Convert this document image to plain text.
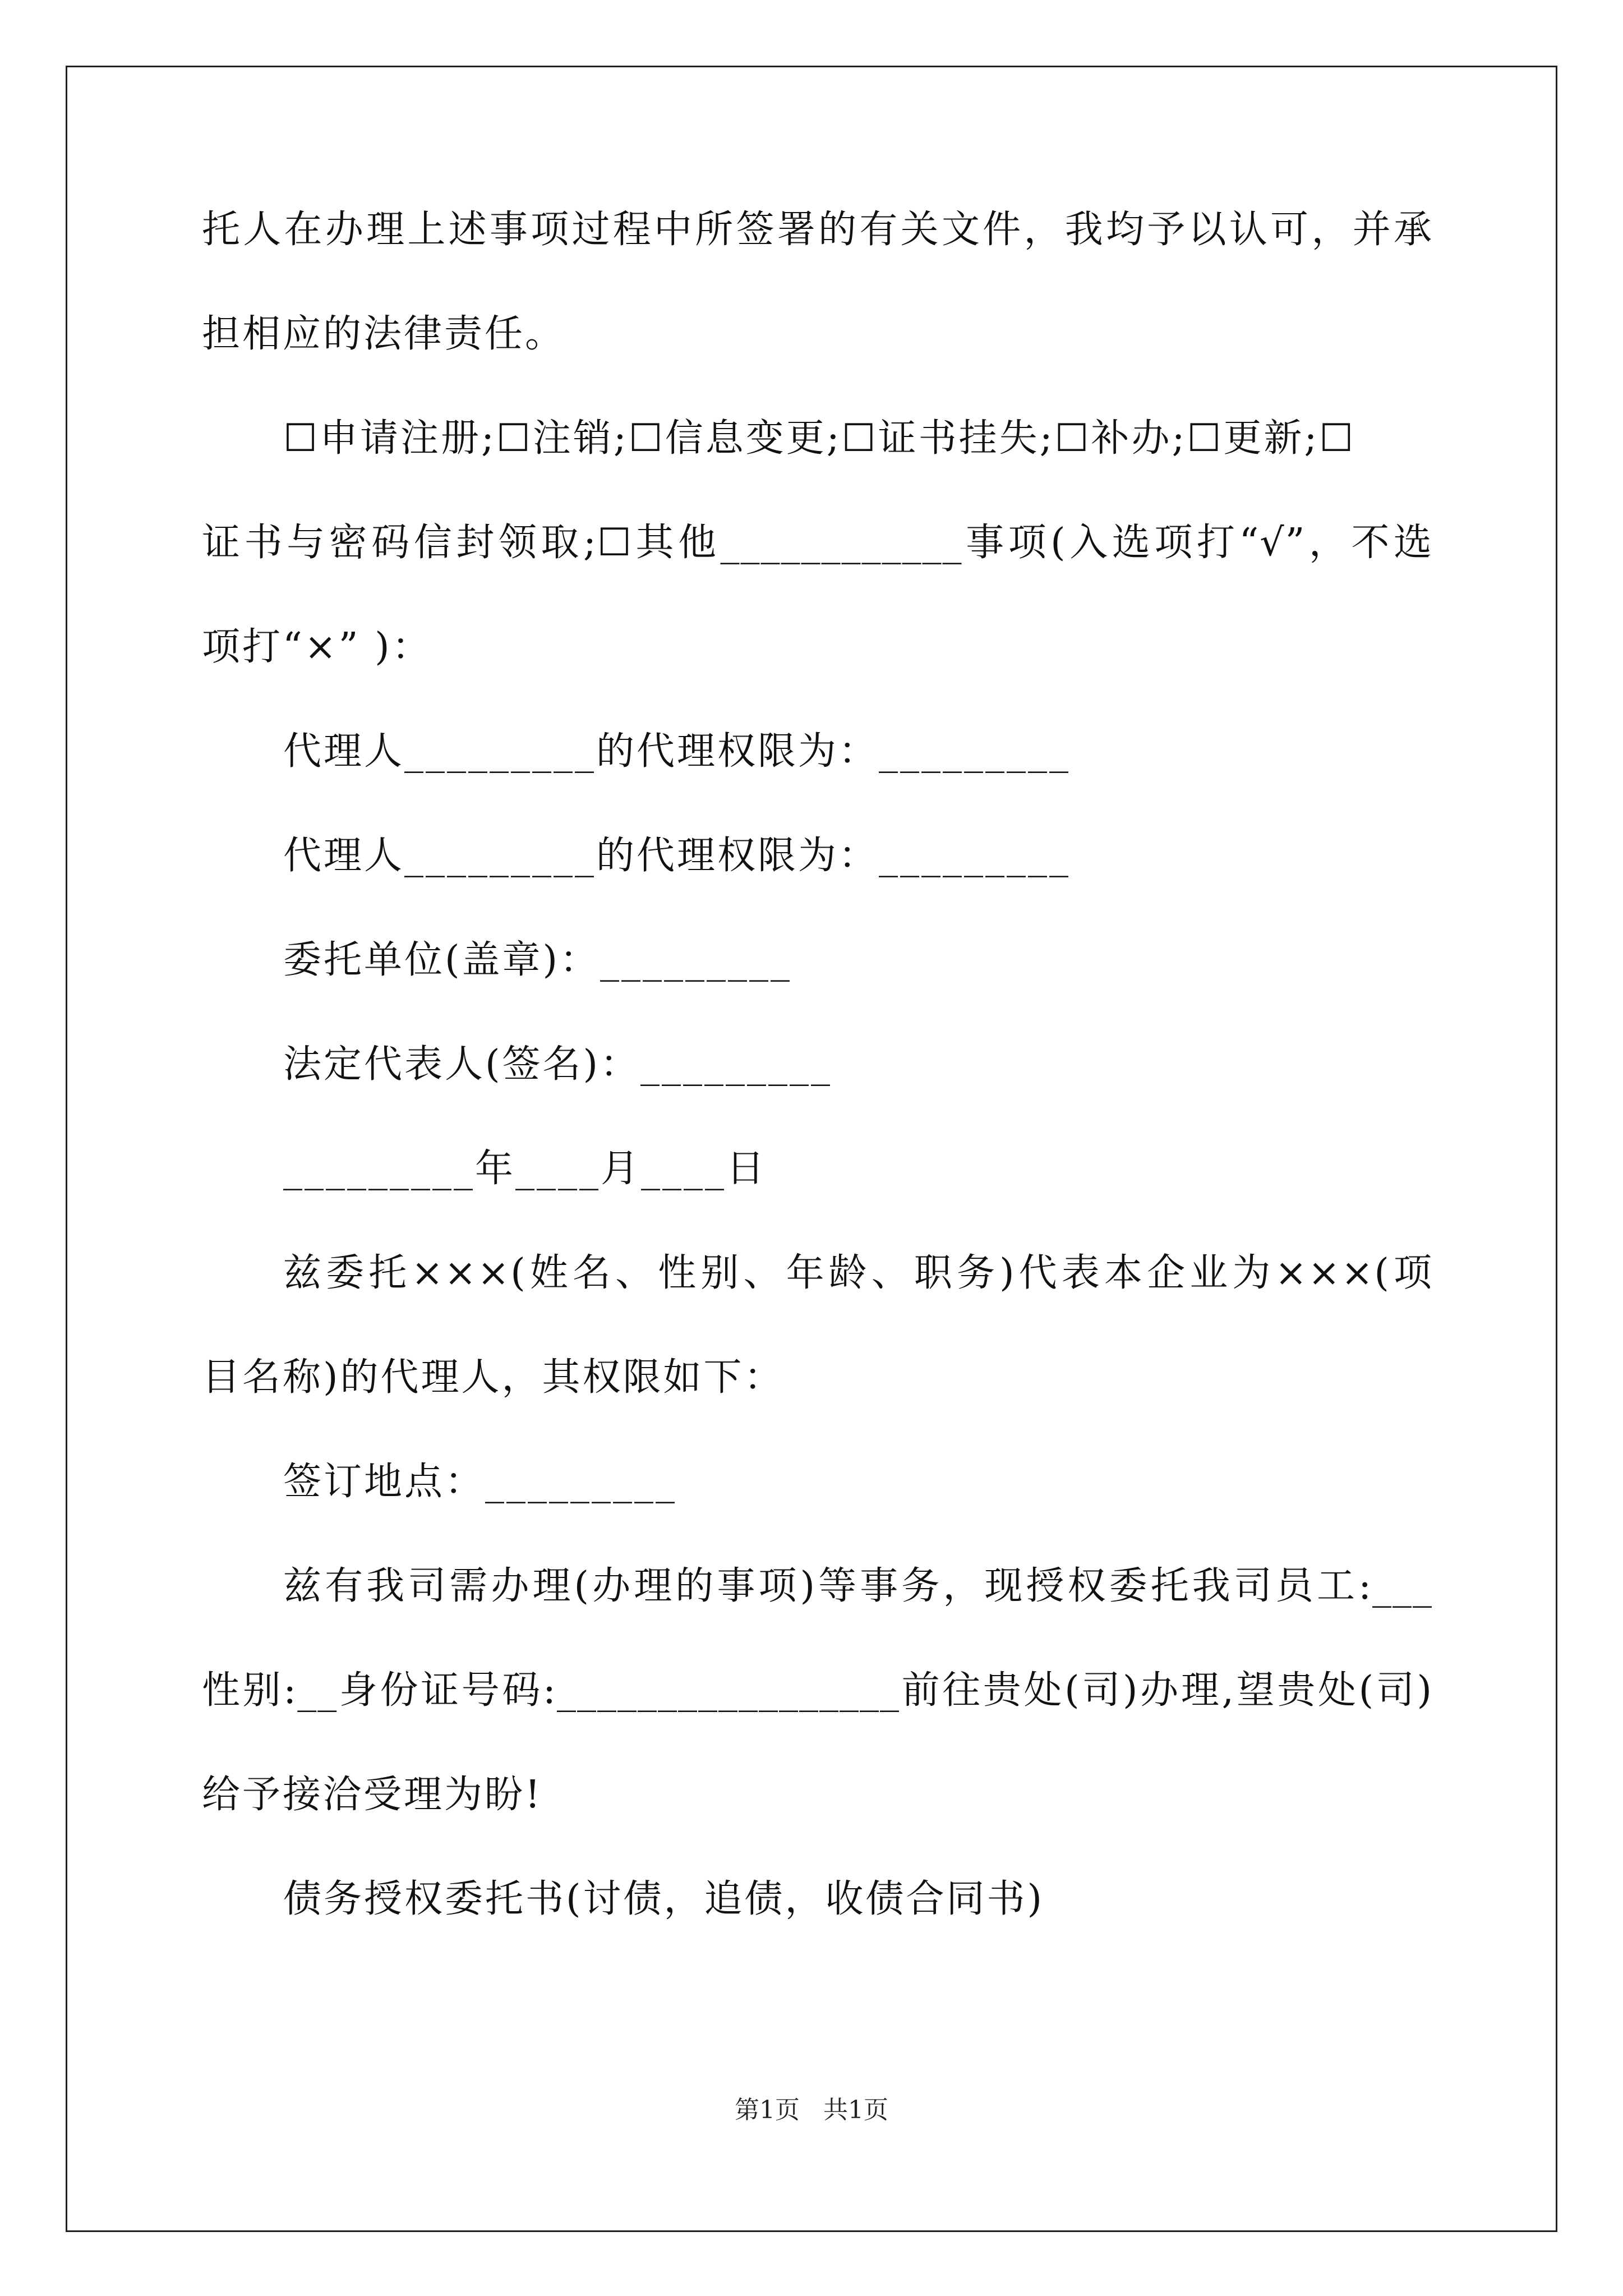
托人在办理上述事项过程中所签署的有关文件，我均予以认可，并承
担相应的法律责任。
☐申请注册;☐注销;☐信息变更;☐证书挂失;☐补办;☐更新;☐
证书与密码信封领取;☐其他____________事项(入选项打“√”，不选
项打“×” )：
代理人_________的代理权限为：_________
代理人_________的代理权限为：_________
委托单位(盖章)：_________
法定代表人(签名)：_________
_________年____月____日
兹委托×××(姓名、性别、年龄、职务)代表本企业为×××(项
目名称)的代理人，其权限如下：
签订地点：_________
兹有我司需办理(办理的事项)等事务，现授权委托我司员工:___
性别:__身份证号码:_________________前往贵处(司)办理,望贵处(司)
给予接洽受理为盼!
债务授权委托书(讨债，追债，收债合同书)
第1页   共1页
